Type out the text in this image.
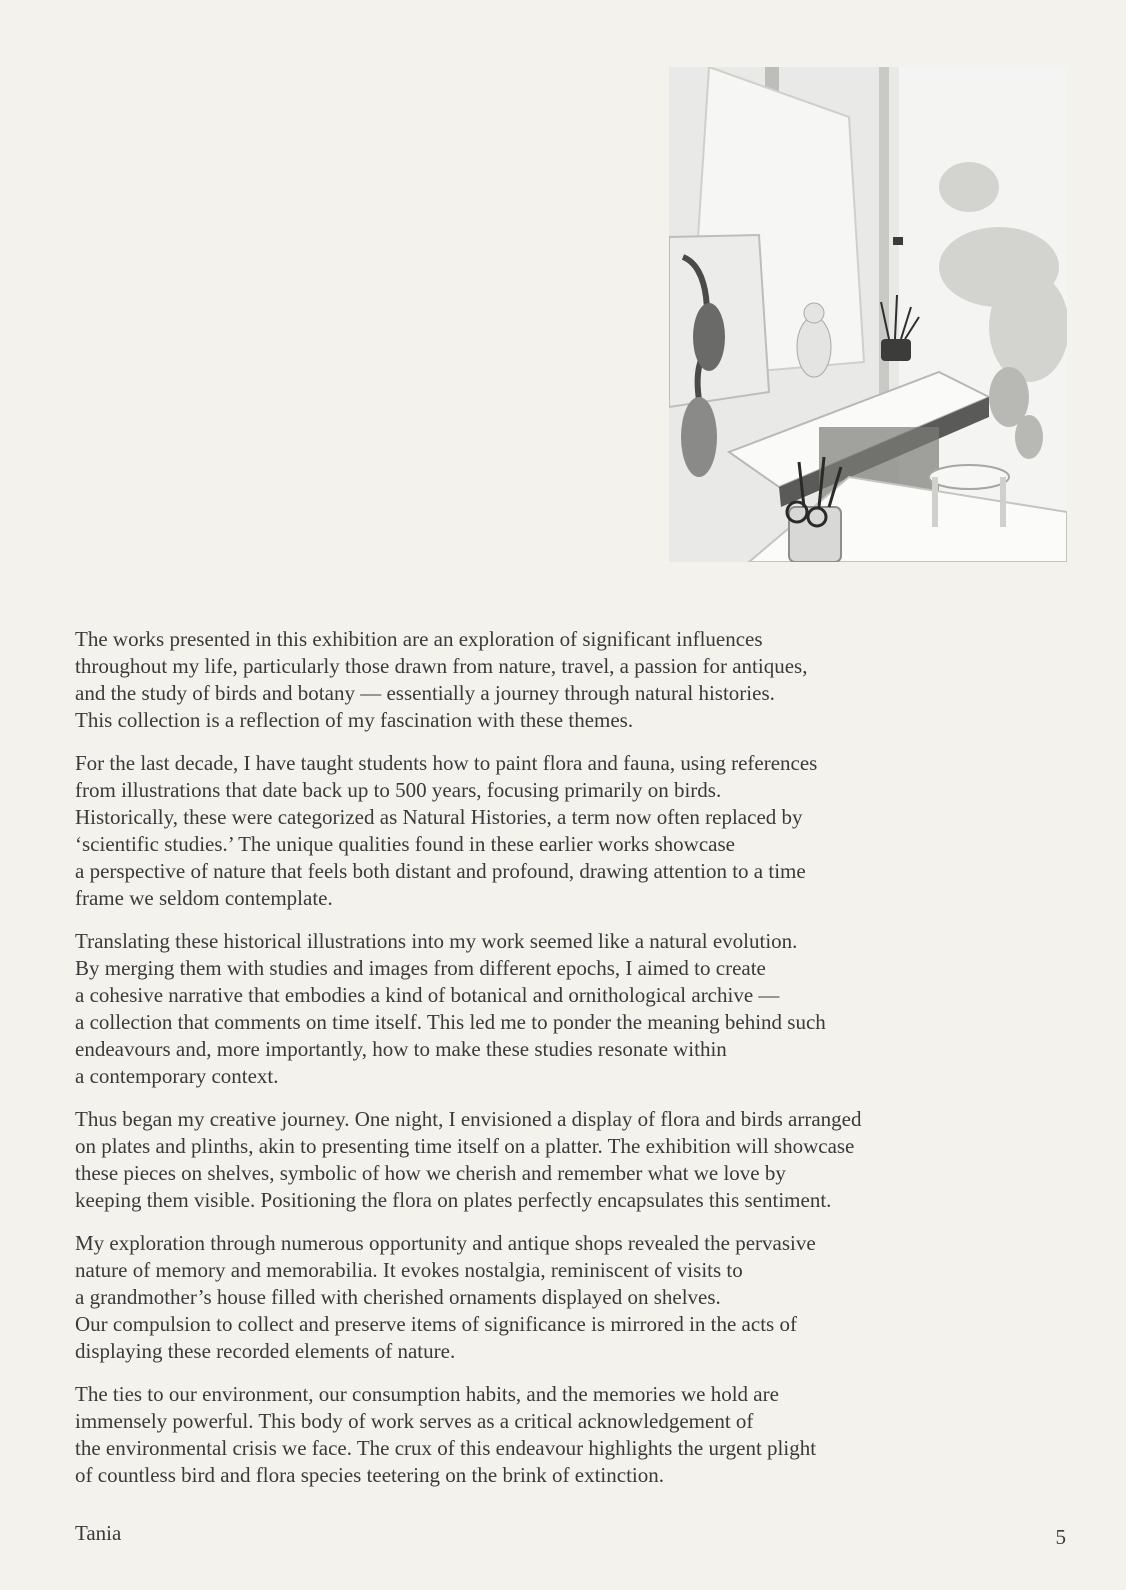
The works presented in this exhibition are an exploration of significant influences
throughout my life, particularly those drawn from nature, travel, a passion for antiques,
and the study of birds and botany — essentially a journey through natural histories.
This collection is a reflection of my fascination with these themes.

For the last decade, I have taught students how to paint flora and fauna, using references
from illustrations that date back up to 500 years, focusing primarily on birds.
Historically, these were categorized as Natural Histories, a term now often replaced by
‘scientific studies.’ The unique qualities found in these earlier works showcase
a perspective of nature that feels both distant and profound, drawing attention to a time
frame we seldom contemplate.

Translating these historical illustrations into my work seemed like a natural evolution.
By merging them with studies and images from different epochs, I aimed to create
a cohesive narrative that embodies a kind of botanical and ornithological archive —
a collection that comments on time itself. This led me to ponder the meaning behind such
endeavours and, more importantly, how to make these studies resonate within
a contemporary context.

Thus began my creative journey. One night, I envisioned a display of flora and birds arranged
on plates and plinths, akin to presenting time itself on a platter. The exhibition will showcase
these pieces on shelves, symbolic of how we cherish and remember what we love by
keeping them visible. Positioning the flora on plates perfectly encapsulates this sentiment.

My exploration through numerous opportunity and antique shops revealed the pervasive
nature of memory and memorabilia. It evokes nostalgia, reminiscent of visits to
a grandmother’s house filled with cherished ornaments displayed on shelves.
Our compulsion to collect and preserve items of significance is mirrored in the acts of
displaying these recorded elements of nature.

The ties to our environment, our consumption habits, and the memories we hold are
immensely powerful. This body of work serves as a critical acknowledgement of
the environmental crisis we face. The crux of this endeavour highlights the urgent plight
of countless bird and flora species teetering on the brink of extinction.

Tania	5
